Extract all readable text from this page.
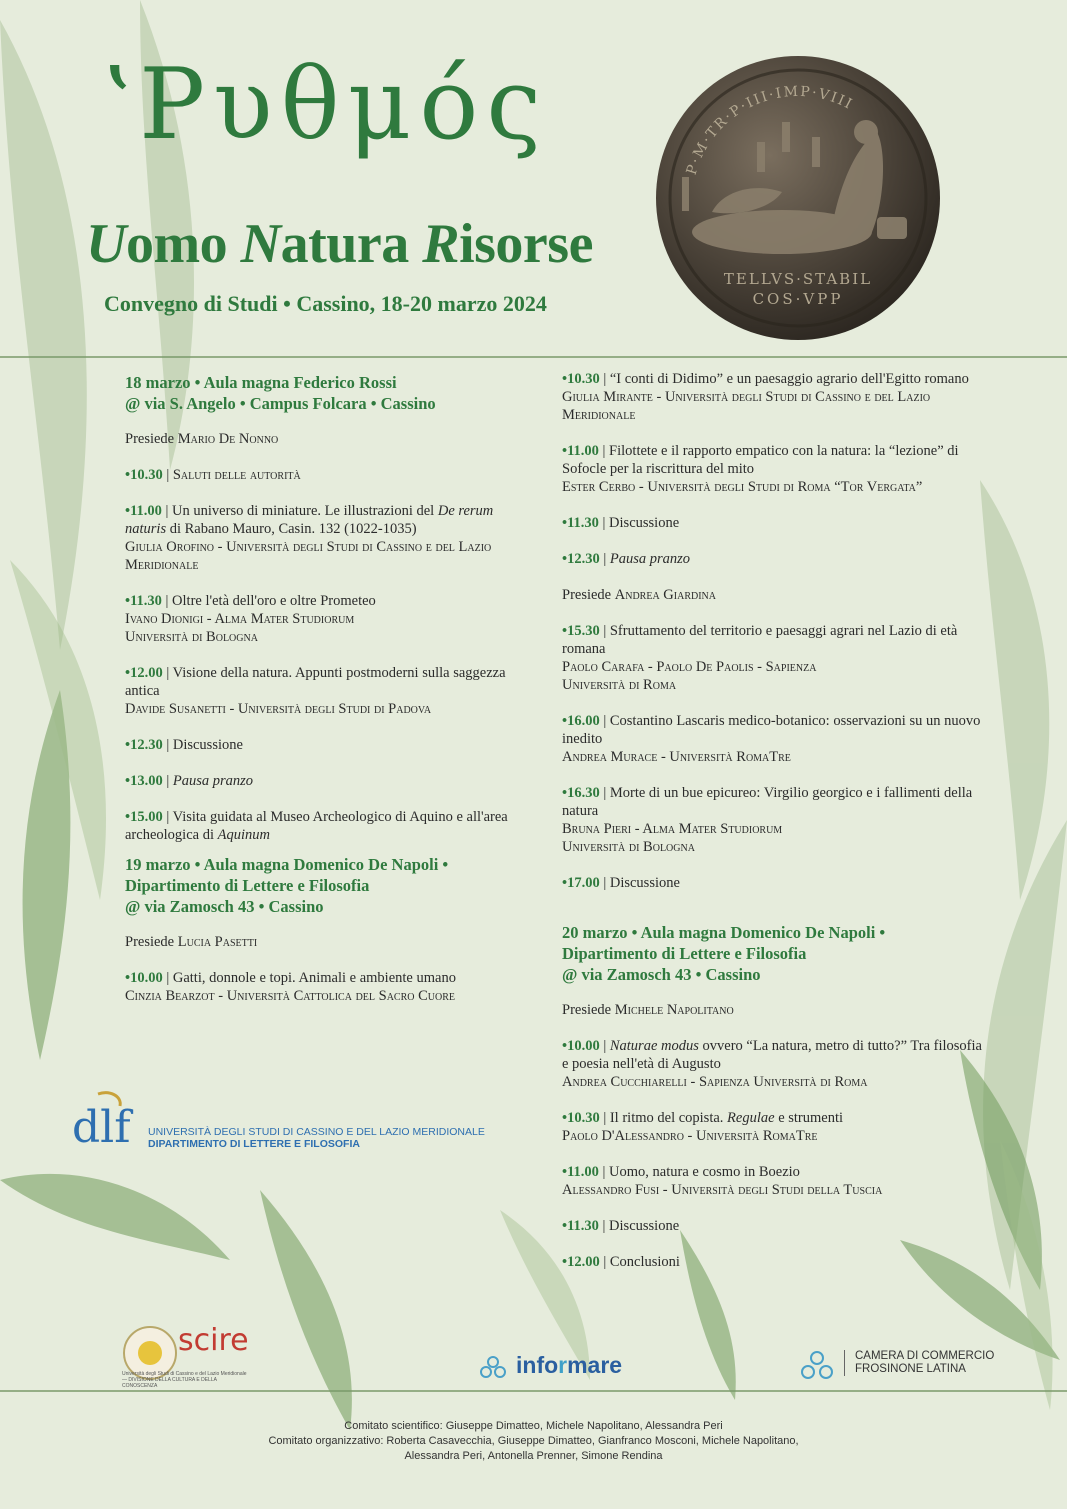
ʽΡυθμός
Uomo Natura Risorse
Convegno di Studi • Cassino, 18-20 marzo 2024
P·M·TR·P·III·IMP·VIII
TELLVS·STABIL
COS·VPP
18 marzo • Aula magna Federico Rossi
@ via S. Angelo • Campus Folcara • Cassino
Presiede Mario De Nonno
•10.30 | Saluti delle autorità
•11.00 | Un universo di miniature. Le illustrazioni del De rerum naturis di Rabano Mauro, Casin. 132 (1022-1035)
Giulia Orofino - Università degli Studi di Cassino e del Lazio Meridionale
•11.30 | Oltre l'età dell'oro e oltre Prometeo
Ivano Dionigi - Alma Mater Studiorum
Università di Bologna
•12.00 | Visione della natura. Appunti postmoderni sulla saggezza antica
Davide Susanetti - Università degli Studi di Padova
•12.30 | Discussione
•13.00 | Pausa pranzo
•15.00 | Visita guidata al Museo Archeologico di Aquino e all'area archeologica di Aquinum
19 marzo • Aula magna Domenico De Napoli •
Dipartimento di Lettere e Filosofia
@ via Zamosch 43 • Cassino
Presiede Lucia Pasetti
•10.00 | Gatti, donnole e topi. Animali e ambiente umano
Cinzia Bearzot - Università Cattolica del Sacro Cuore
•10.30 | “I conti di Didimo” e un paesaggio agrario dell'Egitto romano
Giulia Mirante - Università degli Studi di Cassino e del Lazio Meridionale
•11.00 | Filottete e il rapporto empatico con la natura: la “lezione” di Sofocle per la riscrittura del mito
Ester Cerbo - Università degli Studi di Roma “Tor Vergata”
•11.30 | Discussione
•12.30 | Pausa pranzo
Presiede Andrea Giardina
•15.30 | Sfruttamento del territorio e paesaggi agrari nel Lazio di età romana
Paolo Carafa - Paolo De Paolis - Sapienza
Università di Roma
•16.00 | Costantino Lascaris medico-botanico: osservazioni su un nuovo inedito
Andrea Murace - Università RomaTre
•16.30 | Morte di un bue epicureo: Virgilio georgico e i fallimenti della natura
Bruna Pieri - Alma Mater Studiorum
Università di Bologna
•17.00 | Discussione
20 marzo • Aula magna Domenico De Napoli •
Dipartimento di Lettere e Filosofia
@ via Zamosch 43 • Cassino
Presiede Michele Napolitano
•10.00 | Naturae modus ovvero “La natura, metro di tutto?” Tra filosofia e poesia nell'età di Augusto
Andrea Cucchiarelli - Sapienza Università di Roma
•10.30 | Il ritmo del copista. Regulae e strumenti
Paolo D'Alessandro - Università RomaTre
•11.00 | Uomo, natura e cosmo in Boezio
Alessandro Fusi - Università degli Studi della Tuscia
•11.30 | Discussione
•12.00 | Conclusioni
dlf UNIVERSITÀ DEGLI STUDI DI CASSINO E DEL LAZIO MERIDIONALE
DIPARTIMENTO DI LETTERE E FILOSOFIA
scire
Università degli Studi di Cassino e del Lazio Meridionale — DIVISIONE DELLA CULTURA E DELLA CONOSCENZA
informare	CAMERA DI COMMERCIO
FROSINONE LATINA
Comitato scientifico: Giuseppe Dimatteo, Michele Napolitano, Alessandra Peri
Comitato organizzativo: Roberta Casavecchia, Giuseppe Dimatteo, Gianfranco Mosconi, Michele Napolitano,
Alessandra Peri, Antonella Prenner, Simone Rendina
